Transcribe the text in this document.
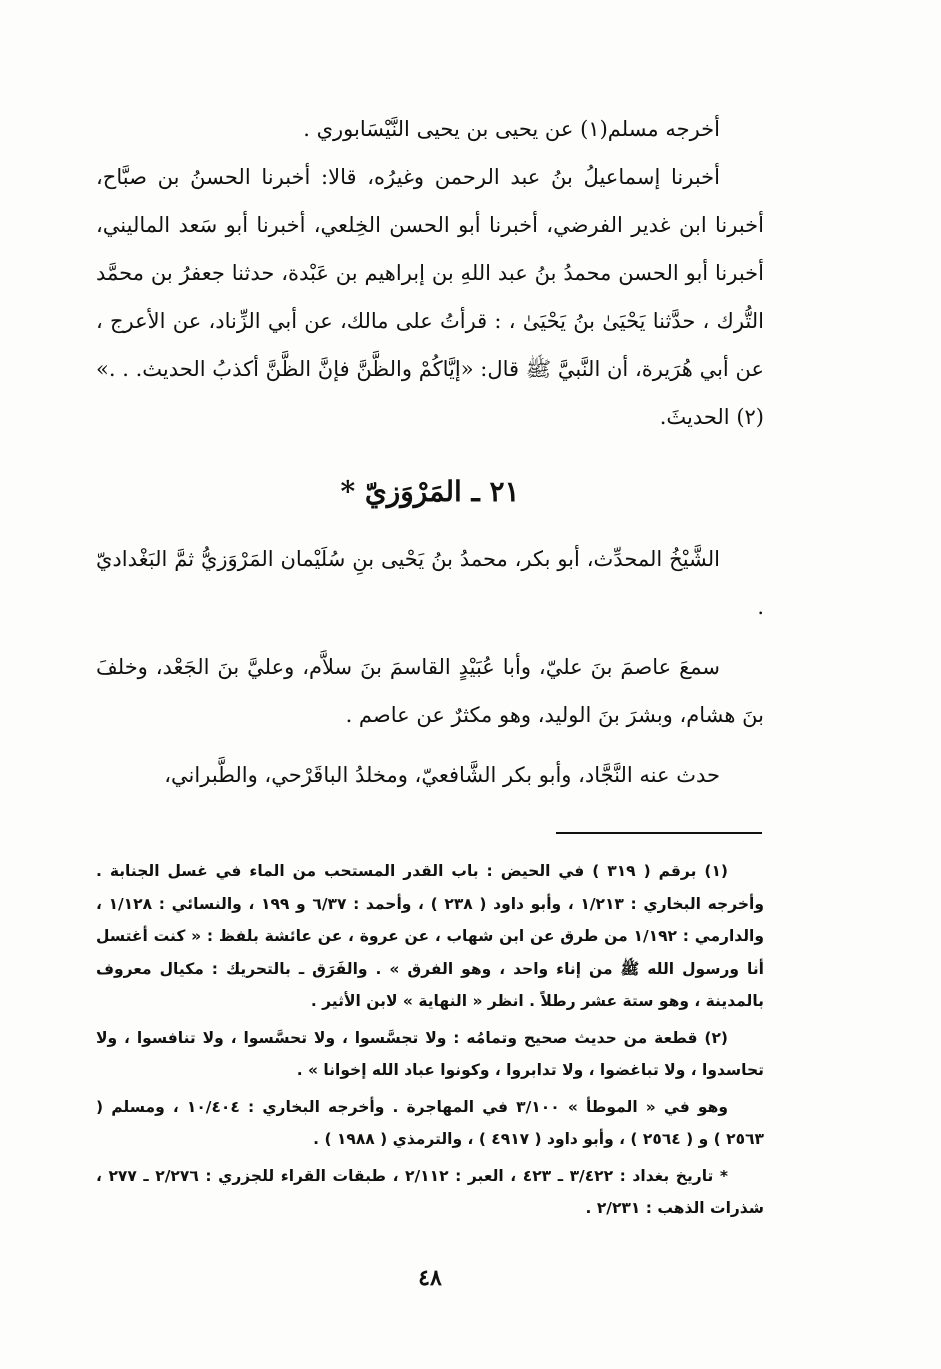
أخرجه مسلم(١) عن يحيى بن يحيى النَّيْسَابوري .

أخبرنا إسماعيلُ بنُ عبد الرحمن وغيرُه، قالا: أخبرنا الحسنُ بن صبَّاح، أخبرنا ابن غدير الفرضي، أخبرنا أبو الحسن الخِلعي، أخبرنا أبو سَعد الماليني، أخبرنا أبو الحسن محمدُ بنُ عبد اللهِ بن إبراهيم بن عَبْدة، حدثنا جعفرُ بن محمَّد التُّرك ، حدَّثنا يَحْيَىٰ بنُ يَحْيَىٰ ، : قرأتُ على مالك، عن أبي الزِّناد، عن الأعرج ، عن أبي هُرَيرة، أن النَّبيَّ ﷺ قال: «إيَّاكُمْ والظَّنَّ فإنَّ الظَّنَّ أكذبُ الحديث. . .» (٢) الحديثَ.

٢١ ـ المَرْوَزيّ *

الشَّيْخُ المحدِّث، أبو بكر، محمدُ بنُ يَحْيى بنِ سُلَيْمان المَرْوَزيُّ ثمَّ البَغْداديّ .

سمعَ عاصمَ بنَ عليّ، وأبا عُبَيْدٍ القاسمَ بنَ سلاَّم، وعليَّ بنَ الجَعْد، وخلفَ بنَ هشام، وبشرَ بنَ الوليد، وهو مكثرٌ عن عاصم .

حدث عنه النَّجَّاد، وأبو بكر الشَّافعيّ، ومخلدُ الباقَرْحي، والطَّبراني،

(١) برقم ( ٣١٩ ) في الحيض : باب القدر المستحب من الماء في غسل الجنابة . وأخرجه البخاري : ١/٢١٣ ، وأبو داود ( ٢٣٨ ) ، وأحمد : ٦/٣٧ و ١٩٩ ، والنسائي : ١/١٢٨ ، والدارمي : ١/١٩٢ من طرق عن ابن شهاب ، عن عروة ، عن عائشة بلفظ : « كنت أغتسل أنا ورسول الله ﷺ من إناء واحد ، وهو الفرق » . والفَرَق ـ بالتحريك : مكيال معروف بالمدينة ، وهو ستة عشر رطلاً . انظر « النهاية » لابن الأثير .

(٢) قطعة من حديث صحيح وتمامُه : ولا تجسَّسوا ، ولا تحسَّسوا ، ولا تنافسوا ، ولا تحاسدوا ، ولا تباغضوا ، ولا تدابروا ، وكونوا عباد الله إخوانا » .

وهو في « الموطأ » ٣/١٠٠ في المهاجرة . وأخرجه البخاري : ١٠/٤٠٤ ، ومسلم ( ٢٥٦٣ ) و ( ٢٥٦٤ ) ، وأبو داود ( ٤٩١٧ ) ، والترمذي ( ١٩٨٨ ) .

* تاريخ بغداد : ٣/٤٢٢ ـ ٤٢٣ ، العبر : ٢/١١٢ ، طبقات القراء للجزري : ٢/٢٧٦ ـ ٢٧٧ ، شذرات الذهب : ٢/٢٣١ .

٤٨
